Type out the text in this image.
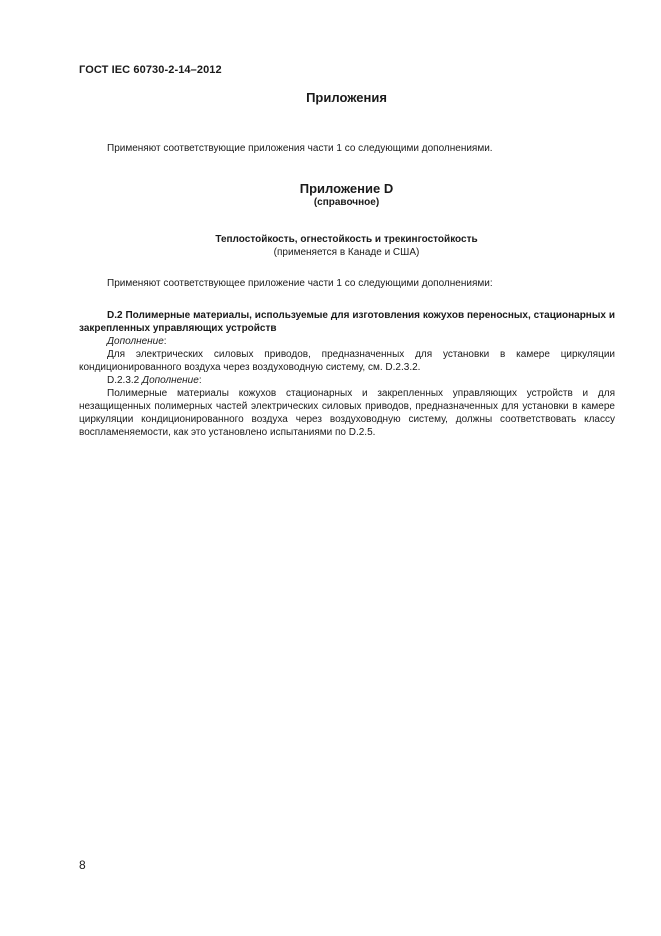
ГОСТ IEC 60730-2-14–2012
Приложения
Применяют соответствующие приложения части 1 со следующими дополнениями.
Приложение D
(справочное)
Теплостойкость, огнестойкость и трекингостойкость
(применяется в Канаде и США)
Применяют соответствующее приложение части 1 со следующими дополнениями:
D.2 Полимерные материалы, используемые для изготовления кожухов переносных, стационарных и закрепленных управляющих устройств
Дополнение:
Для электрических силовых приводов, предназначенных для установки в камере циркуляции кондиционированного воздуха через воздуховодную систему, см. D.2.3.2.
D.2.3.2 Дополнение:
Полимерные материалы кожухов стационарных и закрепленных управляющих устройств и для незащищенных полимерных частей электрических силовых приводов, предназначенных для установки в камере циркуляции кондиционированного воздуха через воздуховодную систему, должны соответствовать классу воспламеняемости, как это установлено испытаниями по D.2.5.
8
